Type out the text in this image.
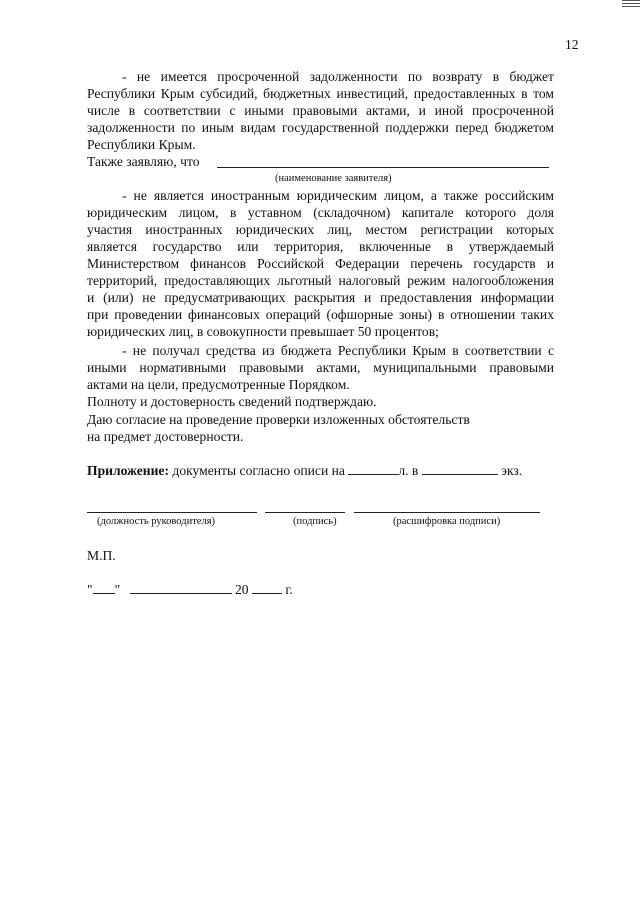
12
- не имеется просроченной задолженности по возврату в бюджет
Республики Крым субсидий, бюджетных инвестиций, предоставленных в том
числе в соответствии с иными правовыми актами, и иной просроченной
задолженности по иным видам государственной поддержки перед бюджетом
Республики Крым.
Также заявляю, что
(наименование заявителя)
- не является иностранным юридическим лицом, а также российским
юридическим лицом, в уставном (складочном) капитале которого доля
участия иностранных юридических лиц, местом регистрации которых
является государство или территория, включенные в утверждаемый
Министерством финансов Российской Федерации перечень государств и
территорий, предоставляющих льготный налоговый режим налогообложения
и (или) не предусматривающих раскрытия и предоставления информации
при проведении финансовых операций (офшорные зоны) в отношении таких
юридических лиц, в совокупности превышает 50 процентов;
- не получал средства из бюджета Республики Крым в соответствии с
иными нормативными правовыми актами, муниципальными правовыми
актами на цели, предусмотренные Порядком.
Полноту и достоверность сведений подтверждаю.
Даю согласие на проведение проверки изложенных обстоятельств
на предмет достоверности.
Приложение: документы согласно описи на	л. в	экз.
(должность руководителя)	(подпись)	(расшифровка подписи)
М.П.
" "	20	г.
